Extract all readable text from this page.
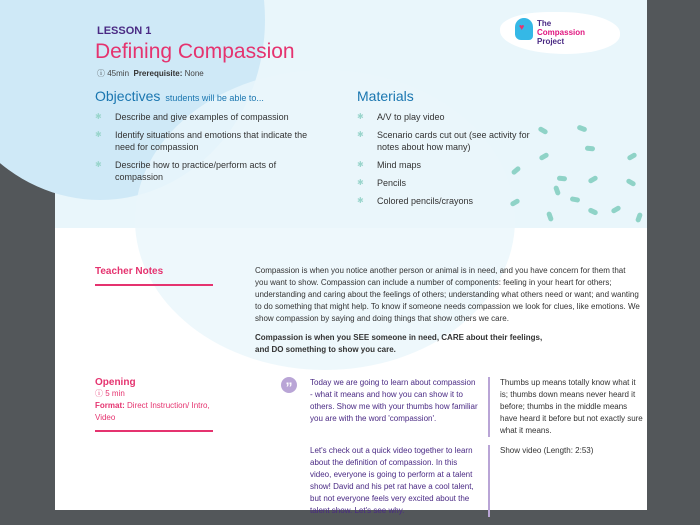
LESSON 1
Defining Compassion
ⓘ 45min Prerequisite: None
♥ The
Compassion
Project
Objectives students will be able to...
✱ Describe and give examples of compassion
✱ Identify situations and emotions that indicate the need for compassion
✱ Describe how to practice/perform acts of compassion
Materials
✱ A/V to play video
✱ Scenario cards cut out (see activity for notes about how many)
✱ Mind maps
✱ Pencils
✱ Colored pencils/crayons
Teacher Notes	Compassion is when you notice another person or animal is in need, and you have concern for them that you want to show. Compassion can include a number of components: feeling in your heart for others; understanding and caring about the feelings of others; understanding what others need or want; and wanting to do something that might help. To know if someone needs compassion we look for clues, like emotions. We show compassion by saying and doing things that show others we care.
Compassion is when you SEE someone in need, CARE about their feelings, and DO something to show you care.
Opening
ⓘ 5 min
Format: Direct Instruction/ Intro, Video
”	Today we are going to learn about compassion - what it means and how you can show it to others. Show me with your thumbs how familiar you are with the word 'compassion'.
Thumbs up means totally know what it is; thumbs down means never heard it before; thumbs in the middle means have heard it before but not exactly sure what it means.
Let's check out a quick video together to learn about the definition of compassion. In this video, everyone is going to perform at a talent show! David and his pet rat have a cool talent, but not everyone feels very excited about the talent show. Let's see why.
Show video (Length: 2:53)
